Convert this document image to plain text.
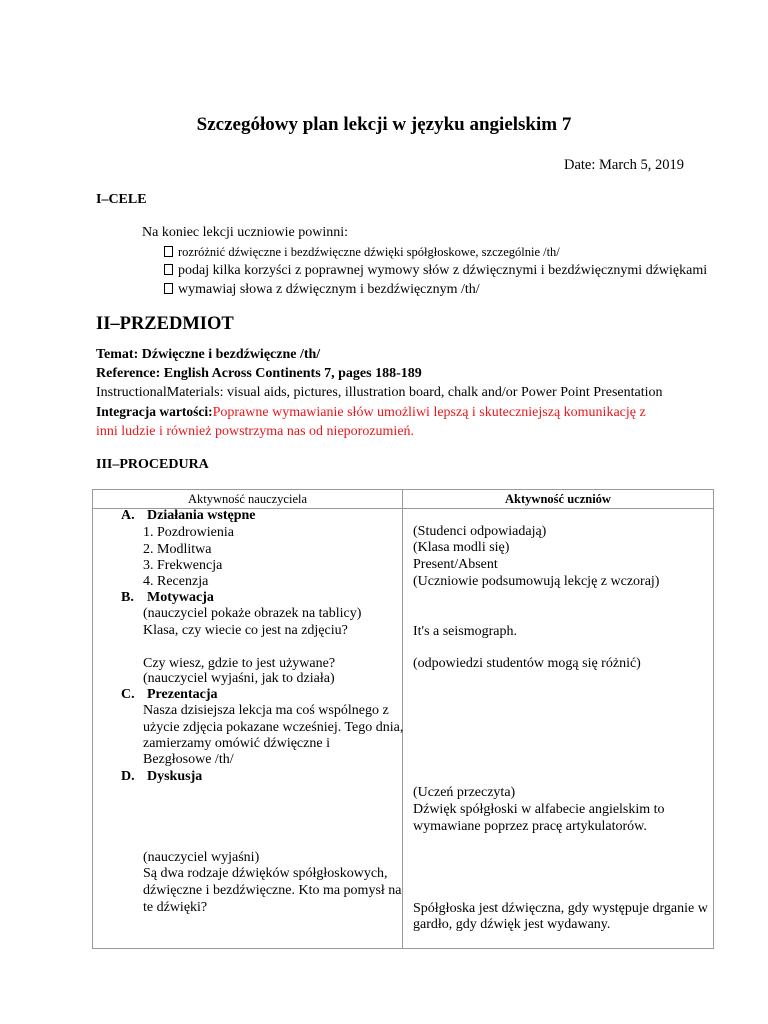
Szczegółowy plan lekcji w języku angielskim 7
Date: March 5, 2019
I–CELE
Na koniec lekcji uczniowie powinni:
rozróżnić dźwięczne i bezdźwięczne dźwięki spółgłoskowe, szczególnie /th/
podaj kilka korzyści z poprawnej wymowy słów z dźwięcznymi i bezdźwięcznymi dźwiękami
wymawiaj słowa z dźwięcznym i bezdźwięcznym /th/
II–PRZEDMIOT
Temat: Dźwięczne i bezdźwięczne /th/
Reference: English Across Continents 7, pages 188-189
InstructionalMaterials: visual aids, pictures, illustration board, chalk and/or Power Point Presentation
Integracja wartości:Poprawne wymawianie słów umożliwi lepszą i skuteczniejszą komunikację z
inni ludzie i również powstrzyma nas od nieporozumień.
III–PROCEDURA
Aktywność nauczyciela	Aktywność uczniów
A. Działania wstępne
1. Pozdrowienia
2. Modlitwa
3. Frekwencja
4. Recenzja
B. Motywacja
(nauczyciel pokaże obrazek na tablicy)
Klasa, czy wiecie co jest na zdjęciu?
Czy wiesz, gdzie to jest używane?
(nauczyciel wyjaśni, jak to działa)
C. Prezentacja
Nasza dzisiejsza lekcja ma coś wspólnego z
użycie zdjęcia pokazane wcześniej. Tego dnia,
zamierzamy omówić dźwięczne i
Bezgłosowe /th/
D. Dyskusja
(nauczyciel wyjaśni)
Są dwa rodzaje dźwięków spółgłoskowych,
dźwięczne i bezdźwięczne. Kto ma pomysł na
te dźwięki?
(Studenci odpowiadają)
(Klasa modli się)
Present/Absent
(Uczniowie podsumowują lekcję z wczoraj)
It's a seismograph.
(odpowiedzi studentów mogą się różnić)
(Uczeń przeczyta)
Dźwięk spółgłoski w alfabecie angielskim to
wymawiane poprzez pracę artykulatorów.
Spółgłoska jest dźwięczna, gdy występuje drganie w
gardło, gdy dźwięk jest wydawany.
